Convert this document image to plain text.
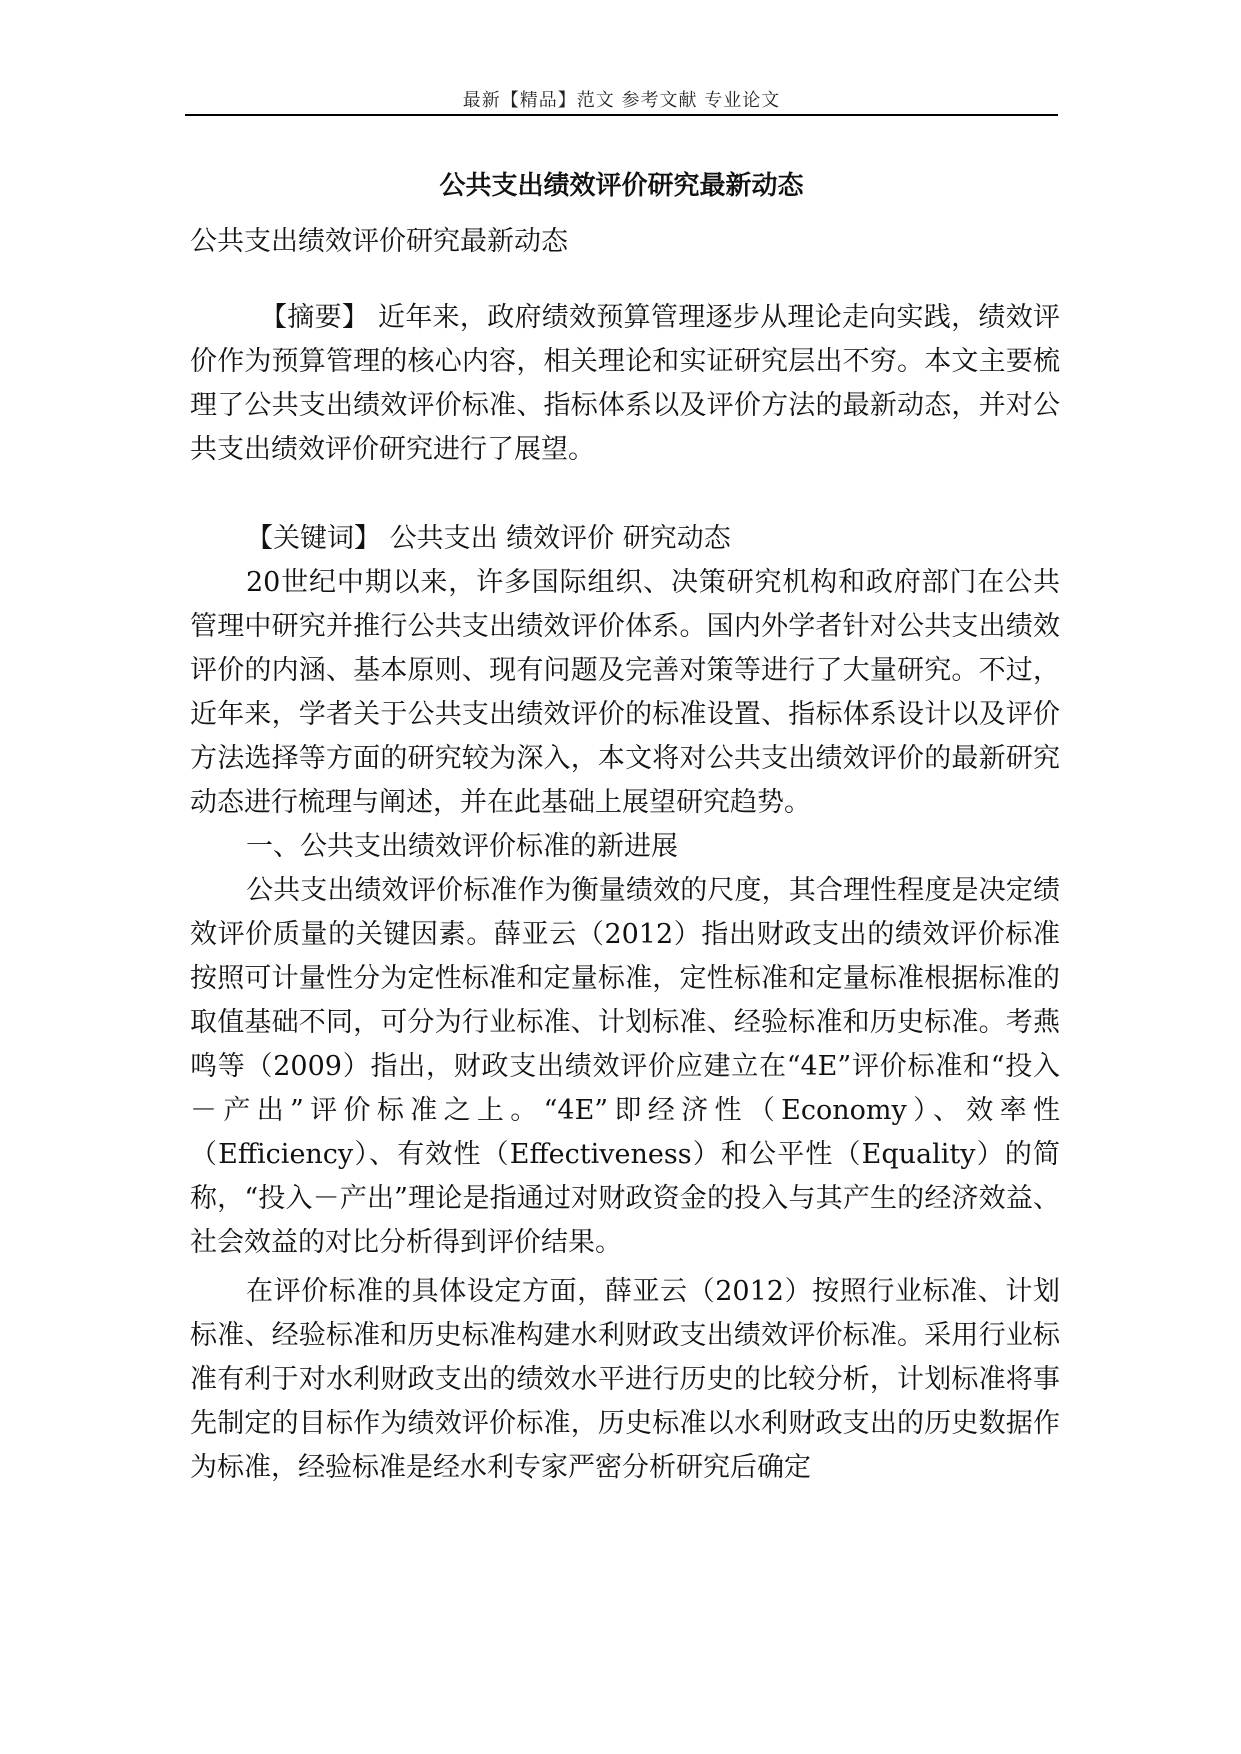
最新【精品】范文 参考文献 专业论文
公共支出绩效评价研究最新动态

公共支出绩效评价研究最新动态

【摘要】 近年来，政府绩效预算管理逐步从理论走向实践，绩效评价作为预算管理的核心内容，相关理论和实证研究层出不穷。本文主要梳理了公共支出绩效评价标准、指标体系以及评价方法的最新动态，并对公共支出绩效评价研究进行了展望。

【关键词】 公共支出 绩效评价 研究动态

20世纪中期以来，许多国际组织、决策研究机构和政府部门在公共管理中研究并推行公共支出绩效评价体系。国内外学者针对公共支出绩效评价的内涵、基本原则、现有问题及完善对策等进行了大量研究。不过，近年来，学者关于公共支出绩效评价的标准设置、指标体系设计以及评价方法选择等方面的研究较为深入，本文将对公共支出绩效评价的最新研究动态进行梳理与阐述，并在此基础上展望研究趋势。

一、公共支出绩效评价标准的新进展

公共支出绩效评价标准作为衡量绩效的尺度，其合理性程度是决定绩效评价质量的关键因素。薛亚云（2012）指出财政支出的绩效评价标准按照可计量性分为定性标准和定量标准，定性标准和定量标准根据标准的取值基础不同，可分为行业标准、计划标准、经验标准和历史标准。考燕鸣等（2009）指出，财政支出绩效评价应建立在“4E”评价标准和“投入－产出”评价标准之上。“4E”即经济性（Economy）、效率性（Efficiency）、有效性（Effectiveness）和公平性（Equality）的简称，“投入－产出”理论是指通过对财政资金的投入与其产生的经济效益、社会效益的对比分析得到评价结果。

在评价标准的具体设定方面，薛亚云（2012）按照行业标准、计划标准、经验标准和历史标准构建水利财政支出绩效评价标准。采用行业标准有利于对水利财政支出的绩效水平进行历史的比较分析，计划标准将事先制定的目标作为绩效评价标准，历史标准以水利财政支出的历史数据作为标准，经验标准是经水利专家严密分析研究后确定
